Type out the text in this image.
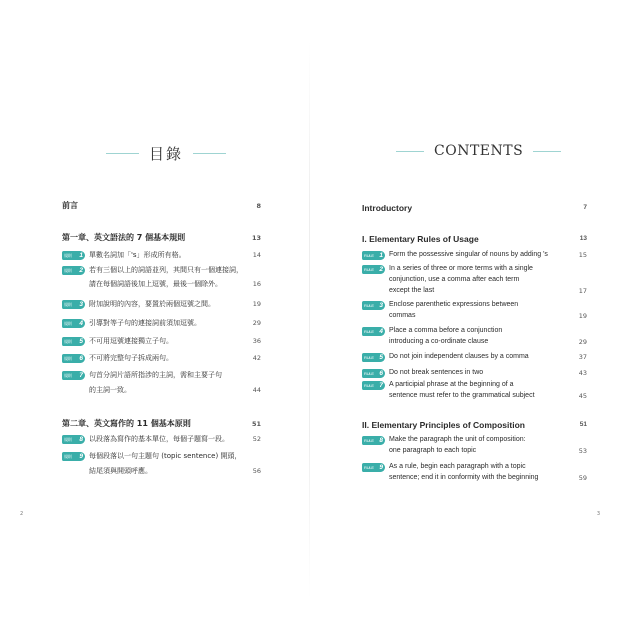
目錄
前言	8
第一章、英文語法的 7 個基本規則	13
規則 1 單數名詞加「's」形成所有格。	14
規則 2 若有三個以上的詞語並列，其間只有一個連接詞，
請在每個詞語後加上逗號，最後一個除外。	16
規則 3 附加說明的內容，要置於兩個逗號之間。	19
規則 4 引導對等子句的連接詞前須加逗號。	29
規則 5 不可用逗號連接獨立子句。	36
規則 6 不可將完整句子拆成兩句。	42
規則 7 句首分詞片語所指涉的主詞，需和主要子句
的主詞一致。	44
第二章、英文寫作的 11 個基本原則	51
規則 8 以段落為寫作的基本單位，每個子題寫一段。	52
規則 9 每個段落以一句主題句 (topic sentence) 開頭，
結尾須與開頭呼應。	56
2
CONTENTS
Introductory	7
I. Elementary Rules of Usage	13
RULE 1 Form the possessive singular of nouns by adding 's	15
RULE 2 In a series of three or more terms with a single
conjunction, use a comma after each term
except the last	17
RULE 3 Enclose parenthetic expressions between
commas	19
RULE 4 Place a comma before a conjunction
introducing a co-ordinate clause	29
RULE 5 Do not join independent clauses by a comma	37
RULE 6 Do not break sentences in two	43
RULE 7 A participial phrase at the beginning of a
sentence must refer to the grammatical subject	45
II. Elementary Principles of Composition	51
RULE 8 Make the paragraph the unit of composition:
one paragraph to each topic	53
RULE 9 As a rule, begin each paragraph with a topic
sentence; end it in conformity with the beginning	59
3
